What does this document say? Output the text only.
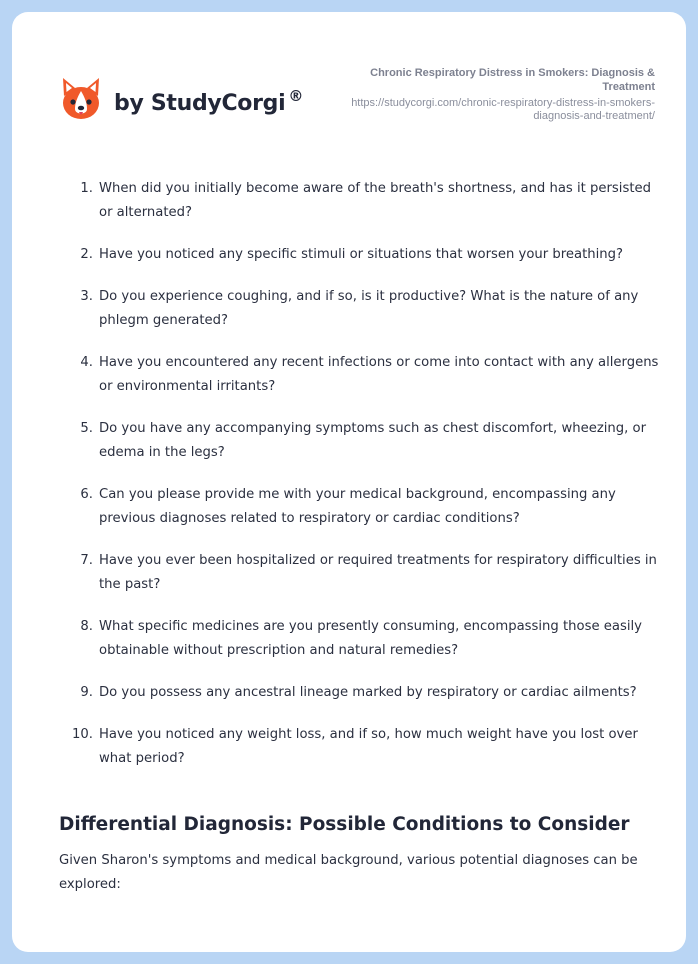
by StudyCorgi ®
Chronic Respiratory Distress in Smokers: Diagnosis & Treatment
https://studycorgi.com/chronic-respiratory-distress-in-smokers-diagnosis-and-treatment/
1. When did you initially become aware of the breath's shortness, and has it persisted or alternated?
2. Have you noticed any specific stimuli or situations that worsen your breathing?
3. Do you experience coughing, and if so, is it productive? What is the nature of any phlegm generated?
4. Have you encountered any recent infections or come into contact with any allergens or environmental irritants?
5. Do you have any accompanying symptoms such as chest discomfort, wheezing, or edema in the legs?
6. Can you please provide me with your medical background, encompassing any previous diagnoses related to respiratory or cardiac conditions?
7. Have you ever been hospitalized or required treatments for respiratory difficulties in the past?
8. What specific medicines are you presently consuming, encompassing those easily obtainable without prescription and natural remedies?
9. Do you possess any ancestral lineage marked by respiratory or cardiac ailments?
10. Have you noticed any weight loss, and if so, how much weight have you lost over what period?
Differential Diagnosis: Possible Conditions to Consider

Given Sharon's symptoms and medical background, various potential diagnoses can be explored:
